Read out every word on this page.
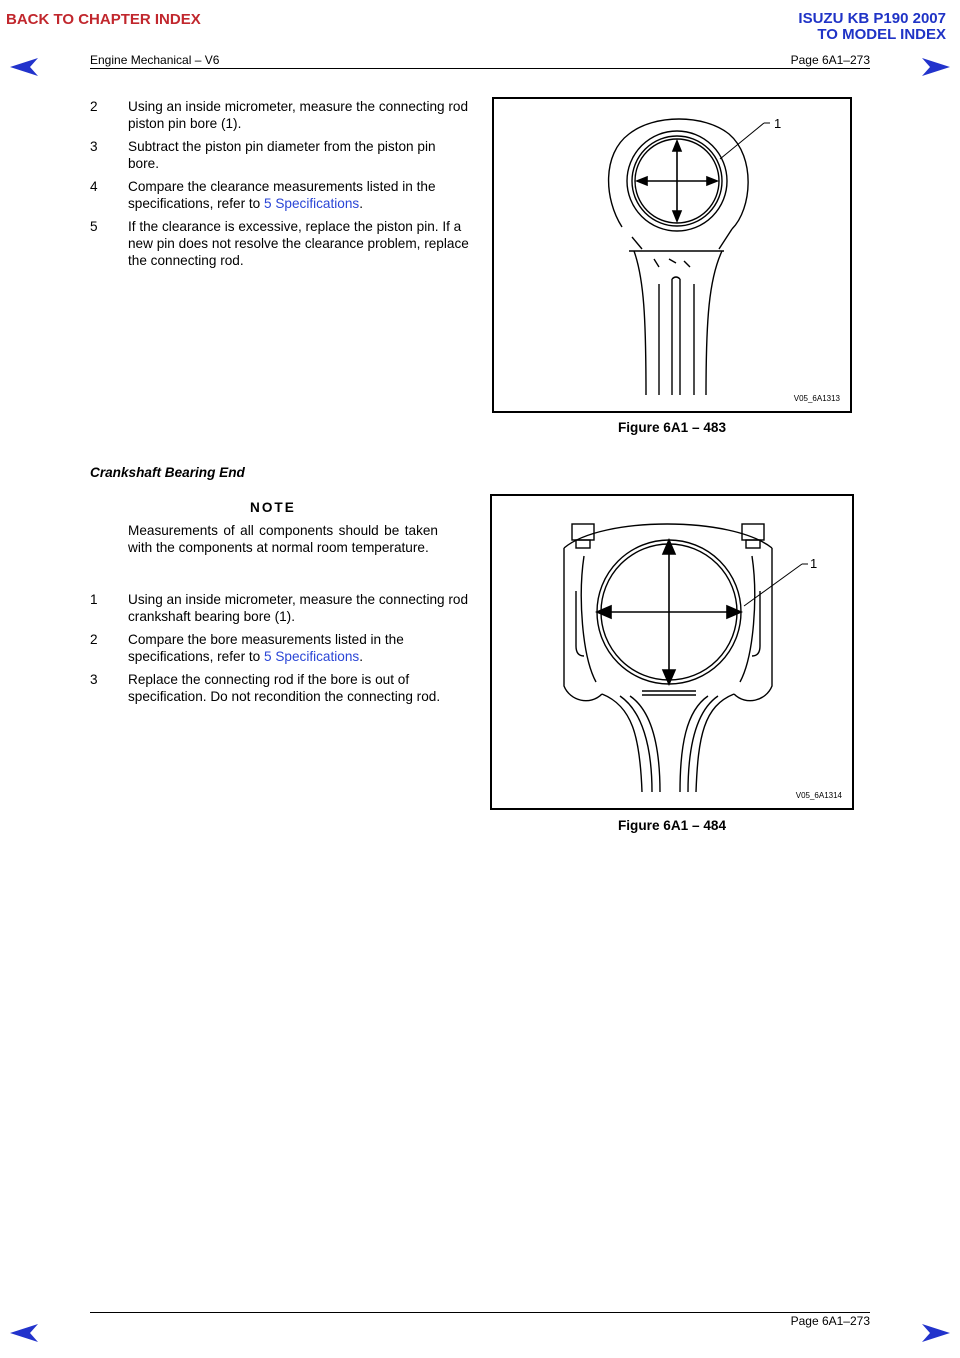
BACK TO CHAPTER INDEX	ISUZU KB P190 2007
TO MODEL INDEX
Engine Mechanical – V6	Page 6A1–273
2	Using an inside micrometer, measure the connecting rod piston pin bore (1).
3	Subtract the piston pin diameter from the piston pin bore.
4	Compare the clearance measurements listed in the specifications, refer to 5 Specifications.
5	If the clearance is excessive, replace the piston pin. If a new pin does not resolve the clearance problem, replace the connecting rod.
1
V05_6A1313
Figure 6A1 – 483
Crankshaft Bearing End
NOTE
Measurements of all components should be taken with the components at normal room temperature.
1	Using an inside micrometer, measure the connecting rod crankshaft bearing bore (1).
2	Compare the bore measurements listed in the specifications, refer to 5 Specifications.
3	Replace the connecting rod if the bore is out of specification. Do not recondition the connecting rod.
1
V05_6A1314
Figure 6A1 – 484
Page 6A1–273
